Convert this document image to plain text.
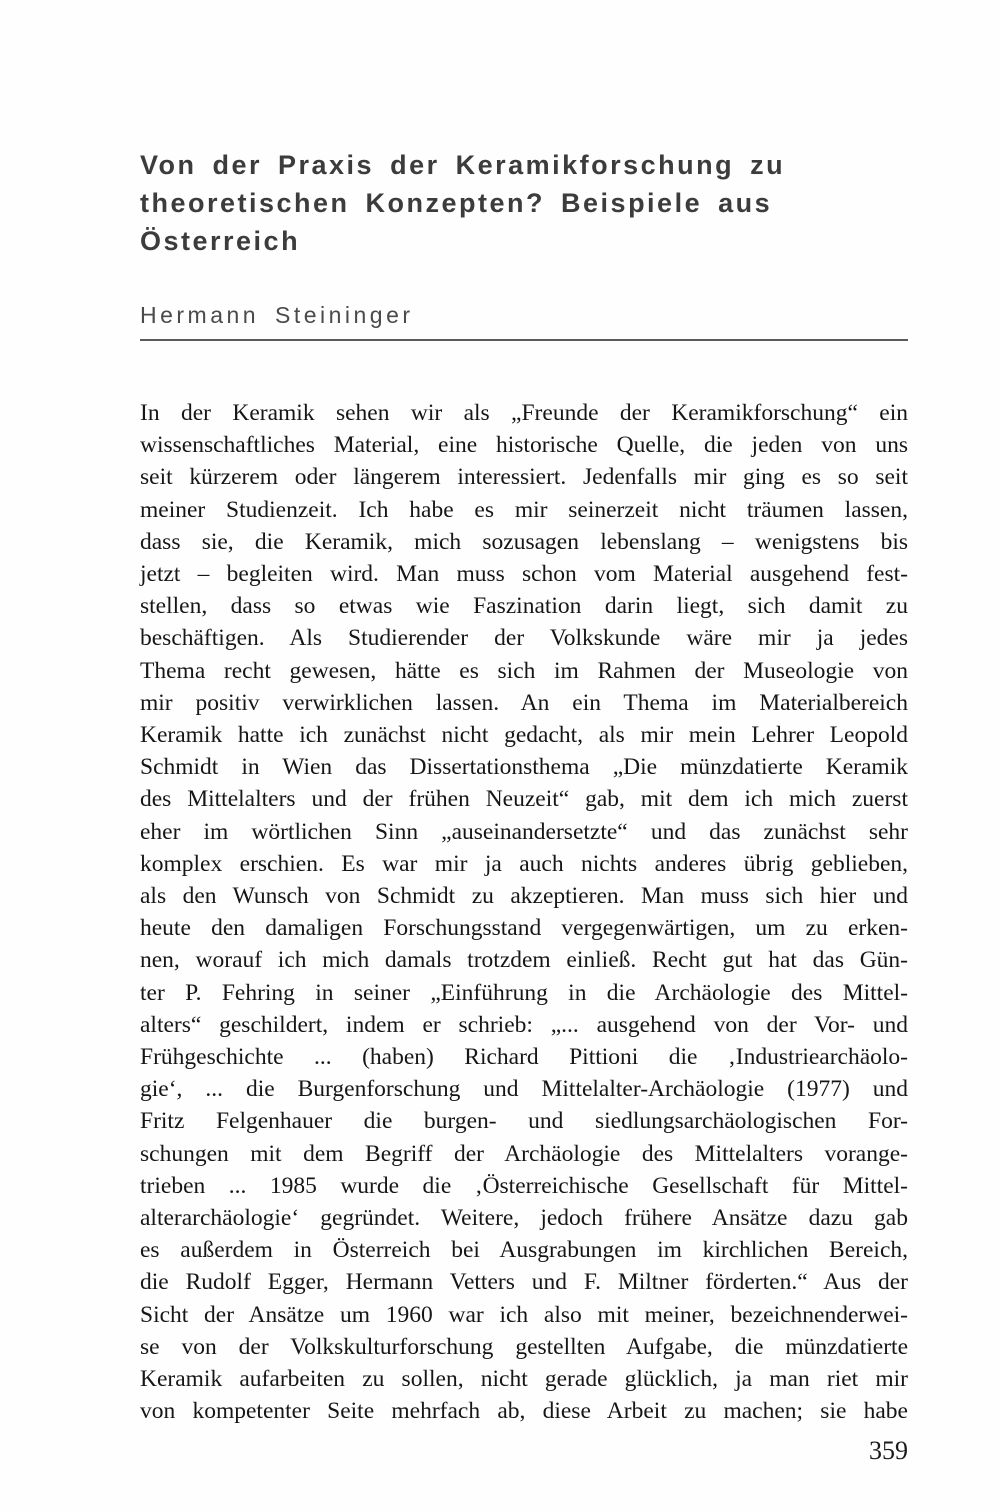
Von der Praxis der Keramikforschung zu
theoretischen Konzepten? Beispiele aus
Österreich
Hermann Steininger
In der Keramik sehen wir als „Freunde der Keramikforschung“ ein
wissenschaftliches Material, eine historische Quelle, die jeden von uns
seit kürzerem oder längerem interessiert. Jedenfalls mir ging es so seit
meiner Studienzeit. Ich habe es mir seinerzeit nicht träumen lassen,
dass sie, die Keramik, mich sozusagen lebenslang – wenigstens bis
jetzt – begleiten wird. Man muss schon vom Material ausgehend fest-
stellen, dass so etwas wie Faszination darin liegt, sich damit zu
beschäftigen. Als Studierender der Volkskunde wäre mir ja jedes
Thema recht gewesen, hätte es sich im Rahmen der Museologie von
mir positiv verwirklichen lassen. An ein Thema im Materialbereich
Keramik hatte ich zunächst nicht gedacht, als mir mein Lehrer Leopold
Schmidt in Wien das Dissertationsthema „Die münzdatierte Keramik
des Mittelalters und der frühen Neuzeit“ gab, mit dem ich mich zuerst
eher im wörtlichen Sinn „auseinandersetzte“ und das zunächst sehr
komplex erschien. Es war mir ja auch nichts anderes übrig geblieben,
als den Wunsch von Schmidt zu akzeptieren. Man muss sich hier und
heute den damaligen Forschungsstand vergegenwärtigen, um zu erken-
nen, worauf ich mich damals trotzdem einließ. Recht gut hat das Gün-
ter P. Fehring in seiner „Einführung in die Archäologie des Mittel-
alters“ geschildert, indem er schrieb: „... ausgehend von der Vor- und
Frühgeschichte ... (haben) Richard Pittioni die ‚Industriearchäolo-
gie‘, ... die Burgenforschung und Mittelalter-Archäologie (1977) und
Fritz Felgenhauer die burgen- und siedlungsarchäologischen For-
schungen mit dem Begriff der Archäologie des Mittelalters vorange-
trieben ... 1985 wurde die ‚Österreichische Gesellschaft für Mittel-
alterarchäologie‘ gegründet. Weitere, jedoch frühere Ansätze dazu gab
es außerdem in Österreich bei Ausgrabungen im kirchlichen Bereich,
die Rudolf Egger, Hermann Vetters und F. Miltner förderten.“ Aus der
Sicht der Ansätze um 1960 war ich also mit meiner, bezeichnenderwei-
se von der Volkskulturforschung gestellten Aufgabe, die münzdatierte
Keramik aufarbeiten zu sollen, nicht gerade glücklich, ja man riet mir
von kompetenter Seite mehrfach ab, diese Arbeit zu machen; sie habe
359
